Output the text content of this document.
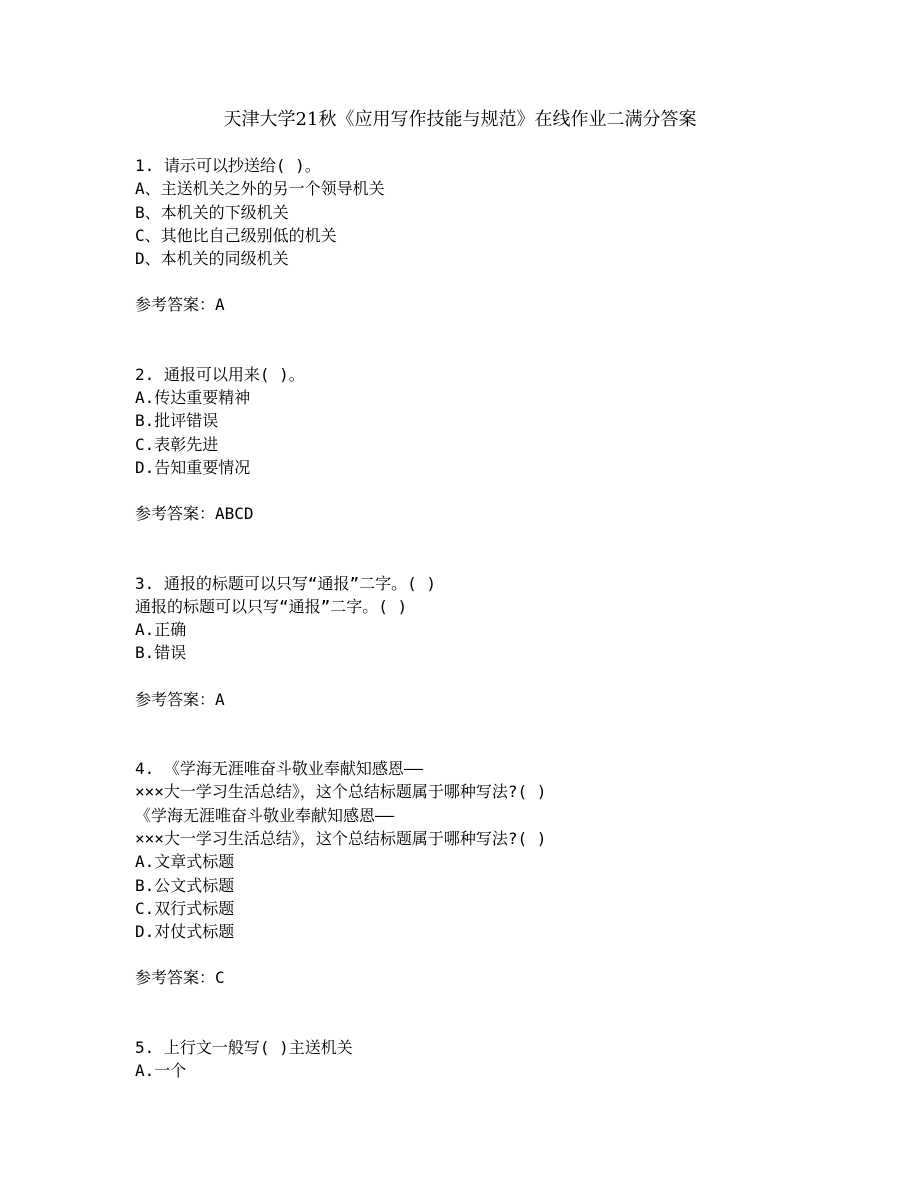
天津大学21秋《应用写作技能与规范》在线作业二满分答案
1. 请示可以抄送给( )。
A、主送机关之外的另一个领导机关
B、本机关的下级机关
C、其他比自己级别低的机关
D、本机关的同级机关
参考答案：A
2. 通报可以用来( )。
A.传达重要精神
B.批评错误
C.表彰先进
D.告知重要情况
参考答案：ABCD
3. 通报的标题可以只写“通报”二字。( )
通报的标题可以只写“通报”二字。( )
A.正确
B.错误
参考答案：A
4. 《学海无涯唯奋斗敬业奉献知感恩——
×××大一学习生活总结》，这个总结标题属于哪种写法?( )
《学海无涯唯奋斗敬业奉献知感恩——
×××大一学习生活总结》，这个总结标题属于哪种写法?( )
A.文章式标题
B.公文式标题
C.双行式标题
D.对仗式标题
参考答案：C
5. 上行文一般写( )主送机关
A.一个
